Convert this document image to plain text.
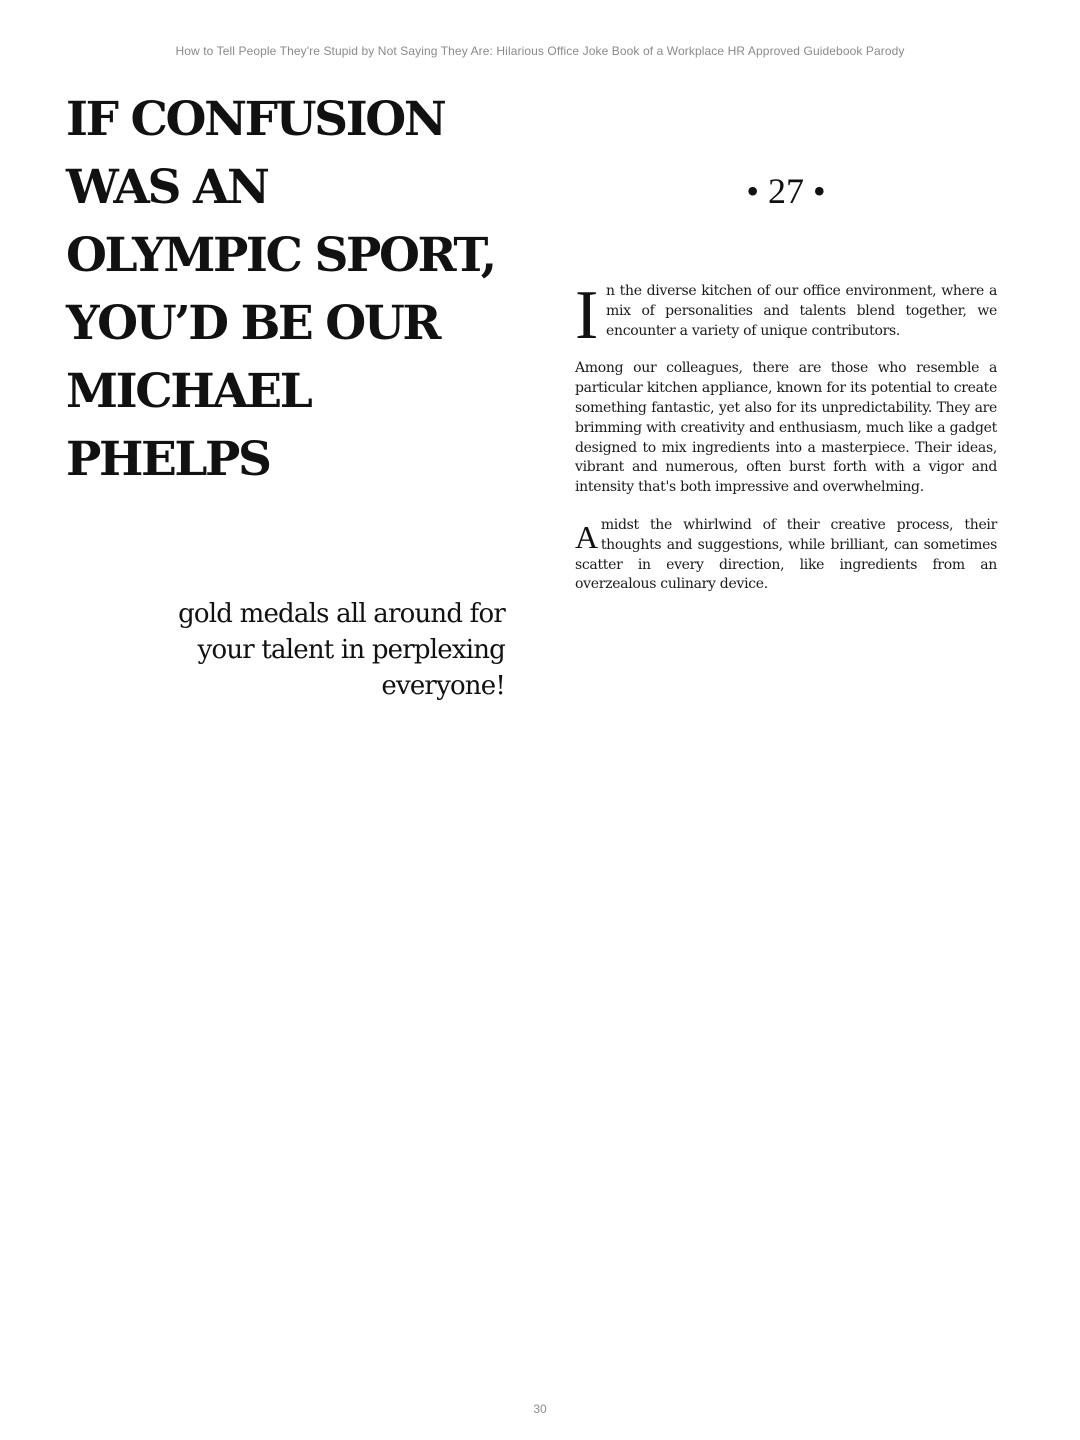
How to Tell People They're Stupid by Not Saying They Are: Hilarious Office Joke Book of a Workplace HR Approved Guidebook Parody
IF CONFUSION WAS AN OLYMPIC SPORT, YOU’D BE OUR MICHAEL PHELPS

gold medals all around for your talent in perplexing everyone!

• 27 •

In the diverse kitchen of our office environment, where a mix of personalities and talents blend together, we encounter a variety of unique contributors.

Among our colleagues, there are those who resemble a particular kitchen appliance, known for its potential to create something fantastic, yet also for its unpredictability. They are brimming with creativity and enthusiasm, much like a gadget designed to mix ingredients into a masterpiece. Their ideas, vibrant and numerous, often burst forth with a vigor and intensity that's both impressive and overwhelming.

Amidst the whirlwind of their creative process, their thoughts and suggestions, while brilliant, can sometimes scatter in every direction, like ingredients from an overzealous culinary device.

30
